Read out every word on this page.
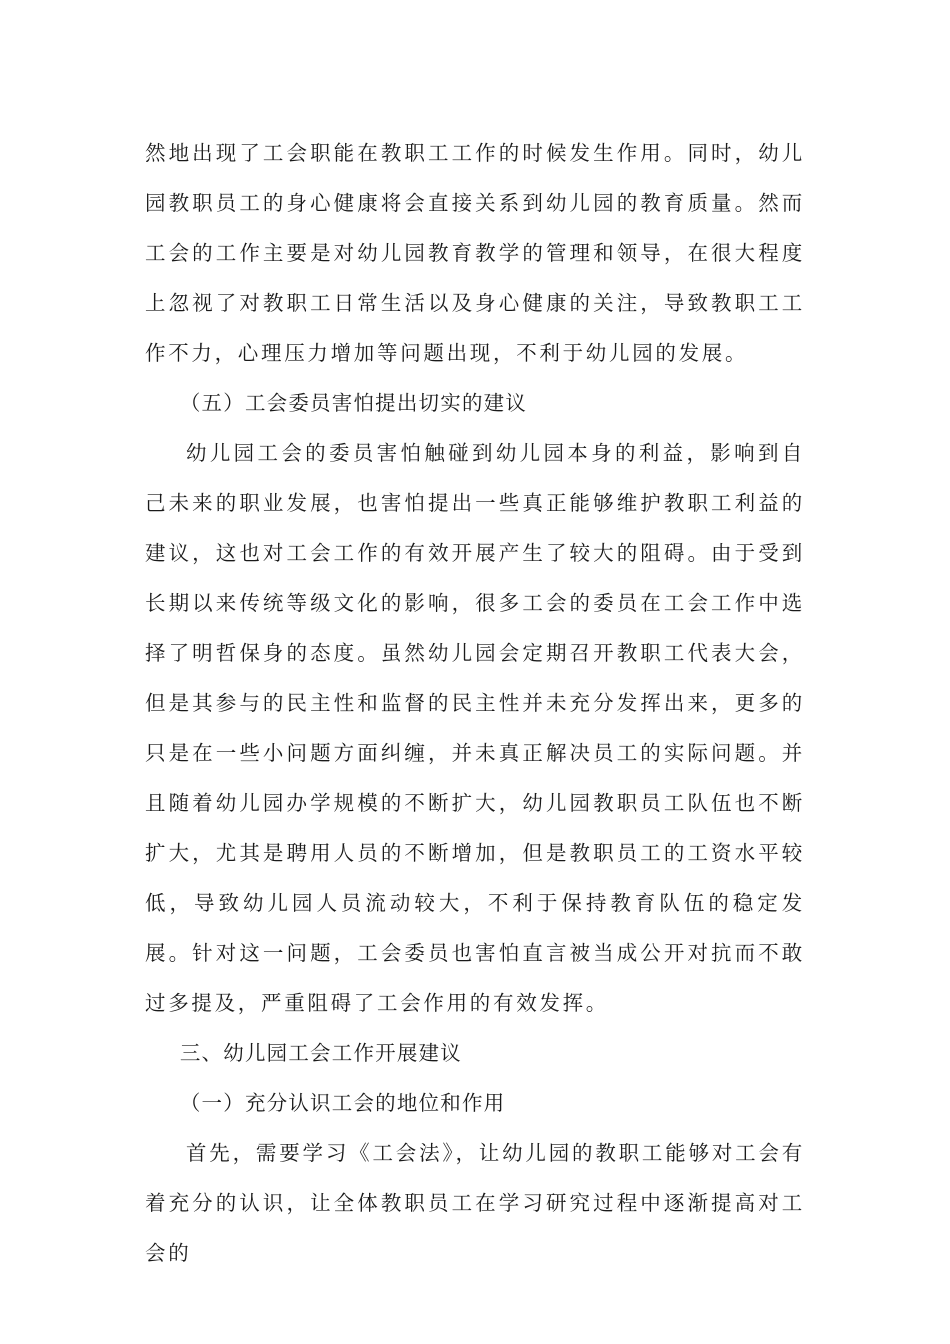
然地出现了工会职能在教职工工作的时候发生作用。同时，幼儿园教职员工的身心健康将会直接关系到幼儿园的教育质量。然而工会的工作主要是对幼儿园教育教学的管理和领导，在很大程度上忽视了对教职工日常生活以及身心健康的关注，导致教职工工作不力，心理压力增加等问题出现，不利于幼儿园的发展。

（五）工会委员害怕提出切实的建议

幼儿园工会的委员害怕触碰到幼儿园本身的利益，影响到自己未来的职业发展，也害怕提出一些真正能够维护教职工利益的建议，这也对工会工作的有效开展产生了较大的阻碍。由于受到长期以来传统等级文化的影响，很多工会的委员在工会工作中选择了明哲保身的态度。虽然幼儿园会定期召开教职工代表大会，但是其参与的民主性和监督的民主性并未充分发挥出来，更多的只是在一些小问题方面纠缠，并未真正解决员工的实际问题。并且随着幼儿园办学规模的不断扩大，幼儿园教职员工队伍也不断扩大，尤其是聘用人员的不断增加，但是教职员工的工资水平较低，导致幼儿园人员流动较大，不利于保持教育队伍的稳定发展。针对这一问题，工会委员也害怕直言被当成公开对抗而不敢过多提及，严重阻碍了工会作用的有效发挥。

三、幼儿园工会工作开展建议

（一）充分认识工会的地位和作用

首先，需要学习《工会法》，让幼儿园的教职工能够对工会有着充分的认识，让全体教职员工在学习研究过程中逐渐提高对工会的
